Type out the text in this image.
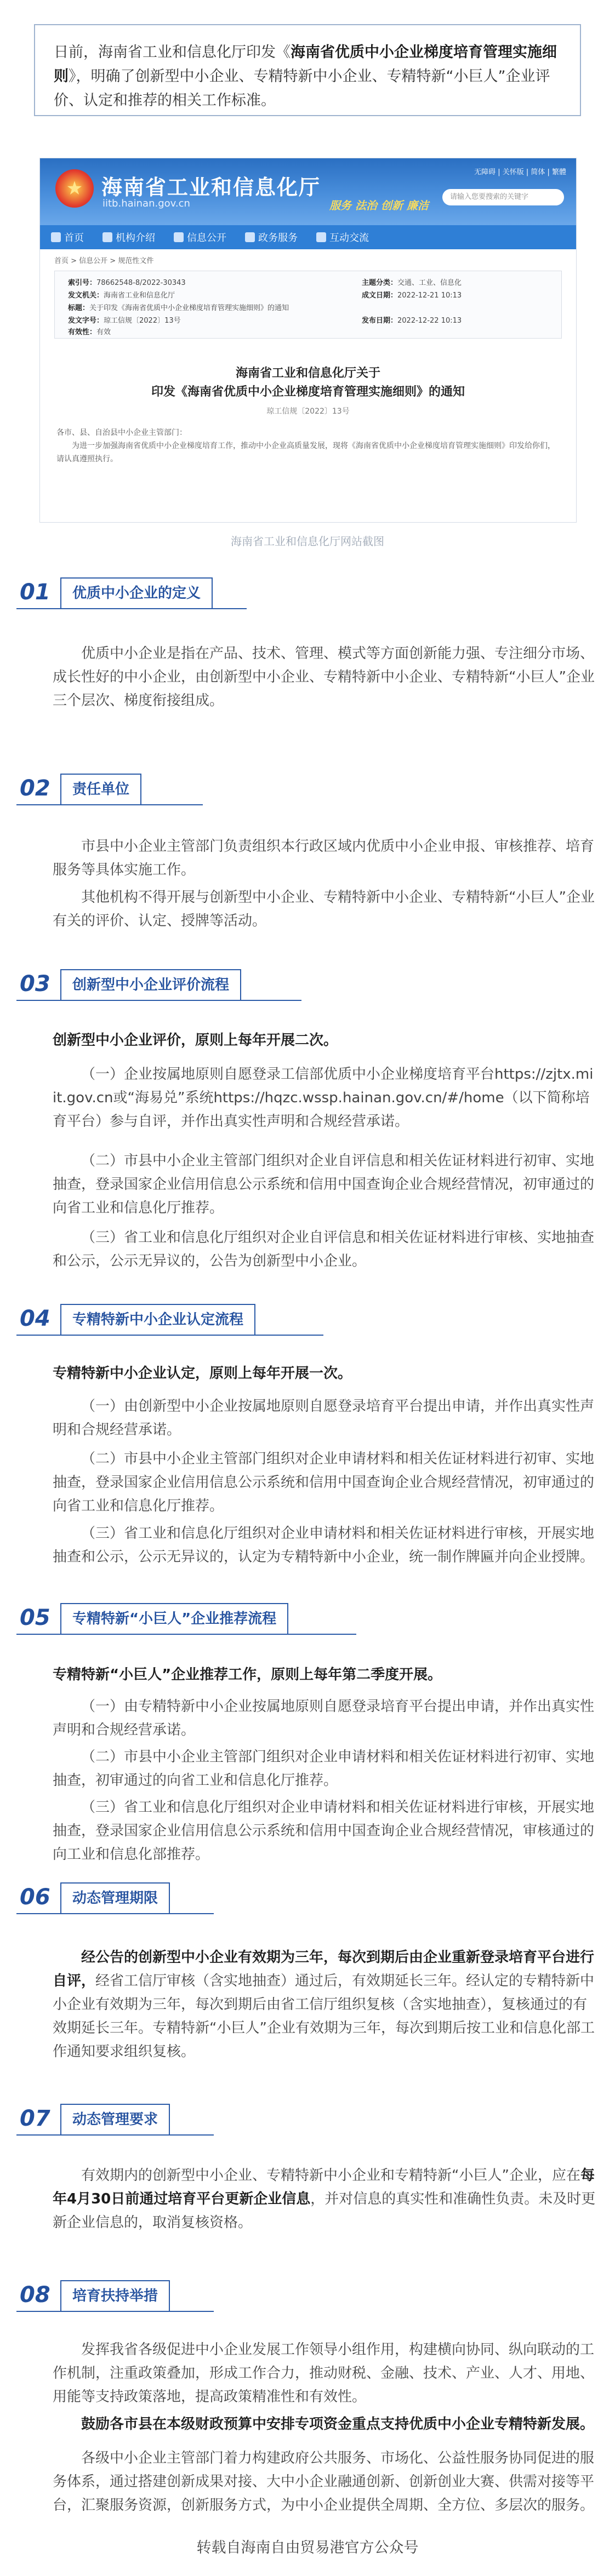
日前，海南省工业和信息化厅印发《海南省优质中小企业梯度培育管理实施细则》，明确了创新型中小企业、专精特新中小企业、专精特新“小巨人”企业评价、认定和推荐的相关工作标准。
★ 海南省工业和信息化厅
iitb.hainan.gov.cn	服务 法治 创新 廉洁
无障碍 | 关怀版 | 简体 | 繁體
请输入您要搜索的关键字
首页	机构介绍	信息公开	政务服务	互动交流
首页 > 信息公开 > 规范性文件
索引号：78662548-8/2022-30343
发文机关：海南省工业和信息化厅
标题：关于印发《海南省优质中小企业梯度培育管理实施细则》的通知
发文字号：琼工信规〔2022〕13号
有效性：有效
主题分类：交通、工业、信息化
成文日期：2022-12-21 10:13
发布日期：2022-12-22 10:13
海南省工业和信息化厅关于
印发《海南省优质中小企业梯度培育管理实施细则》的通知
琼工信规〔2022〕13号
各市、县、自治县中小企业主管部门：
为进一步加强海南省优质中小企业梯度培育工作，推动中小企业高质量发展，现将《海南省优质中小企业梯度培育管理实施细则》印发给你们，请认真遵照执行。
海南省工业和信息化厅网站截图
01	优质中小企业的定义
优质中小企业是指在产品、技术、管理、模式等方面创新能力强、专注细分市场、成长性好的中小企业，由创新型中小企业、专精特新中小企业、专精特新“小巨人”企业三个层次、梯度衔接组成。
02	责任单位
市县中小企业主管部门负责组织本行政区域内优质中小企业申报、审核推荐、培育服务等具体实施工作。
其他机构不得开展与创新型中小企业、专精特新中小企业、专精特新“小巨人”企业有关的评价、认定、授牌等活动。
03	创新型中小企业评价流程
创新型中小企业评价，原则上每年开展二次。
（一）企业按属地原则自愿登录工信部优质中小企业梯度培育平台https://zjtx.miit.gov.cn或“海易兑”系统https://hqzc.wssp.hainan.gov.cn/#/home（以下简称培育平台）参与自评，并作出真实性声明和合规经营承诺。
（二）市县中小企业主管部门组织对企业自评信息和相关佐证材料进行初审、实地抽查，登录国家企业信用信息公示系统和信用中国查询企业合规经营情况，初审通过的向省工业和信息化厅推荐。
（三）省工业和信息化厅组织对企业自评信息和相关佐证材料进行审核、实地抽查和公示，公示无异议的，公告为创新型中小企业。
04	专精特新中小企业认定流程
专精特新中小企业认定，原则上每年开展一次。
（一）由创新型中小企业按属地原则自愿登录培育平台提出申请，并作出真实性声明和合规经营承诺。
（二）市县中小企业主管部门组织对企业申请材料和相关佐证材料进行初审、实地抽查，登录国家企业信用信息公示系统和信用中国查询企业合规经营情况，初审通过的向省工业和信息化厅推荐。
（三）省工业和信息化厅组织对企业申请材料和相关佐证材料进行审核，开展实地抽查和公示，公示无异议的，认定为专精特新中小企业，统一制作牌匾并向企业授牌。
05	专精特新“小巨人”企业推荐流程
专精特新“小巨人”企业推荐工作，原则上每年第二季度开展。
（一）由专精特新中小企业按属地原则自愿登录培育平台提出申请，并作出真实性声明和合规经营承诺。
（二）市县中小企业主管部门组织对企业申请材料和相关佐证材料进行初审、实地抽查，初审通过的向省工业和信息化厅推荐。
（三）省工业和信息化厅组织对企业申请材料和相关佐证材料进行审核，开展实地抽查，登录国家企业信用信息公示系统和信用中国查询企业合规经营情况，审核通过的向工业和信息化部推荐。
06	动态管理期限
经公告的创新型中小企业有效期为三年，每次到期后由企业重新登录培育平台进行自评，经省工信厅审核（含实地抽查）通过后，有效期延长三年。经认定的专精特新中小企业有效期为三年，每次到期后由省工信厅组织复核（含实地抽查），复核通过的有效期延长三年。专精特新“小巨人”企业有效期为三年，每次到期后按工业和信息化部工作通知要求组织复核。
07	动态管理要求
有效期内的创新型中小企业、专精特新中小企业和专精特新“小巨人”企业，应在每年4月30日前通过培育平台更新企业信息，并对信息的真实性和准确性负责。未及时更新企业信息的，取消复核资格。
08	培育扶持举措
发挥我省各级促进中小企业发展工作领导小组作用，构建横向协同、纵向联动的工作机制，注重政策叠加，形成工作合力，推动财税、金融、技术、产业、人才、用地、用能等支持政策落地，提高政策精准性和有效性。
鼓励各市县在本级财政预算中安排专项资金重点支持优质中小企业专精特新发展。
各级中小企业主管部门着力构建政府公共服务、市场化、公益性服务协同促进的服务体系，通过搭建创新成果对接、大中小企业融通创新、创新创业大赛、供需对接等平台，汇聚服务资源，创新服务方式，为中小企业提供全周期、全方位、多层次的服务。
转载自海南自由贸易港官方公众号
